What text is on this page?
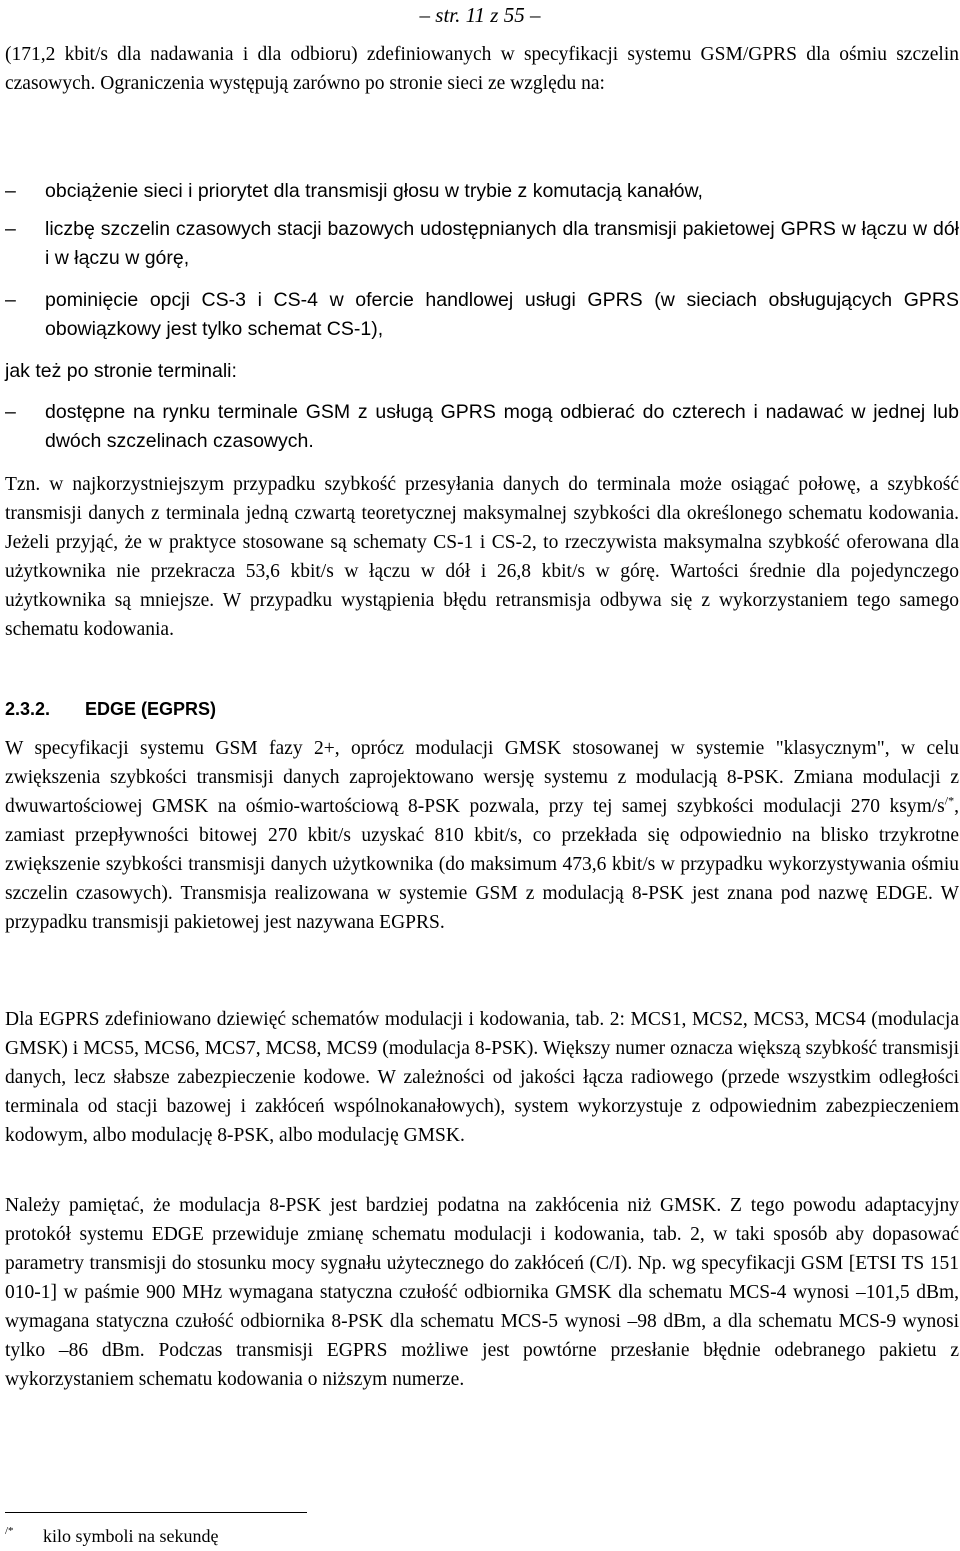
– str. 11 z 55 –

(171,2 kbit/s dla nadawania i dla odbioru) zdefiniowanych w specyfikacji systemu GSM/GPRS dla ośmiu szczelin czasowych. Ograniczenia występują zarówno po stronie sieci ze względu na:

–	obciążenie sieci i priorytet dla transmisji głosu w trybie z komutacją kanałów,
–	liczbę szczelin czasowych stacji bazowych udostępnianych dla transmisji pakietowej GPRS w łączu w dół i w łączu w górę,
–	pominięcie opcji CS-3 i CS-4 w ofercie handlowej usługi GPRS (w sieciach obsługujących GPRS obowiązkowy jest tylko schemat CS-1),

jak też po stronie terminali:

–	dostępne na rynku terminale GSM z usługą GPRS mogą odbierać do czterech i nadawać w jednej lub dwóch szczelinach czasowych.

Tzn. w najkorzystniejszym przypadku szybkość przesyłania danych do terminala może osiągać połowę, a szybkość transmisji danych z terminala jedną czwartą teoretycznej maksymalnej szybkości dla określonego schematu kodowania. Jeżeli przyjąć, że w praktyce stosowane są schematy CS-1 i CS-2, to rzeczywista maksymalna szybkość oferowana dla użytkownika nie przekracza 53,6 kbit/s w łączu w dół i 26,8 kbit/s w górę. Wartości średnie dla pojedynczego użytkownika są mniejsze. W przypadku wystąpienia błędu retransmisja odbywa się z wykorzystaniem tego samego schematu kodowania.

2.3.2. EDGE (EGPRS)

W specyfikacji systemu GSM fazy 2+, oprócz modulacji GMSK stosowanej w systemie "klasycznym", w celu zwiększenia szybkości transmisji danych zaprojektowano wersję systemu z modulacją 8-PSK. Zmiana modulacji z dwuwartościowej GMSK na ośmio-wartościową 8-PSK pozwala, przy tej samej szybkości modulacji 270 ksym/s/*, zamiast przepływności bitowej 270 kbit/s uzyskać 810 kbit/s, co przekłada się odpowiednio na blisko trzykrotne zwiększenie szybkości transmisji danych użytkownika (do maksimum 473,6 kbit/s w przypadku wykorzystywania ośmiu szczelin czasowych). Transmisja realizowana w systemie GSM z modulacją 8-PSK jest znana pod nazwę EDGE. W przypadku transmisji pakietowej jest nazywana EGPRS.

Dla EGPRS zdefiniowano dziewięć schematów modulacji i kodowania, tab. 2: MCS1, MCS2, MCS3, MCS4 (modulacja GMSK) i MCS5, MCS6, MCS7, MCS8, MCS9 (modulacja 8-PSK). Większy numer oznacza większą szybkość transmisji danych, lecz słabsze zabezpieczenie kodowe. W zależności od jakości łącza radiowego (przede wszystkim odległości terminala od stacji bazowej i zakłóceń wspólnokanałowych), system wykorzystuje z odpowiednim zabezpieczeniem kodowym, albo modulację 8-PSK, albo modulację GMSK.

Należy pamiętać, że modulacja 8-PSK jest bardziej podatna na zakłócenia niż GMSK. Z tego powodu adaptacyjny protokół systemu EDGE przewiduje zmianę schematu modulacji i kodowania, tab. 2, w taki sposób aby dopasować parametry transmisji do stosunku mocy sygnału użytecznego do zakłóceń (C/I). Np. wg specyfikacji GSM [ETSI TS 151 010-1] w paśmie 900 MHz wymagana statyczna czułość odbiornika GMSK dla schematu MCS-4 wynosi –101,5 dBm, wymagana statyczna czułość odbiornika 8-PSK dla schematu MCS-5 wynosi –98 dBm, a dla schematu MCS-9 wynosi tylko –86 dBm. Podczas transmisji EGPRS możliwe jest powtórne przesłanie błędnie odebranego pakietu z wykorzystaniem schematu kodowania o niższym numerze.

/* kilo symboli na sekundę
